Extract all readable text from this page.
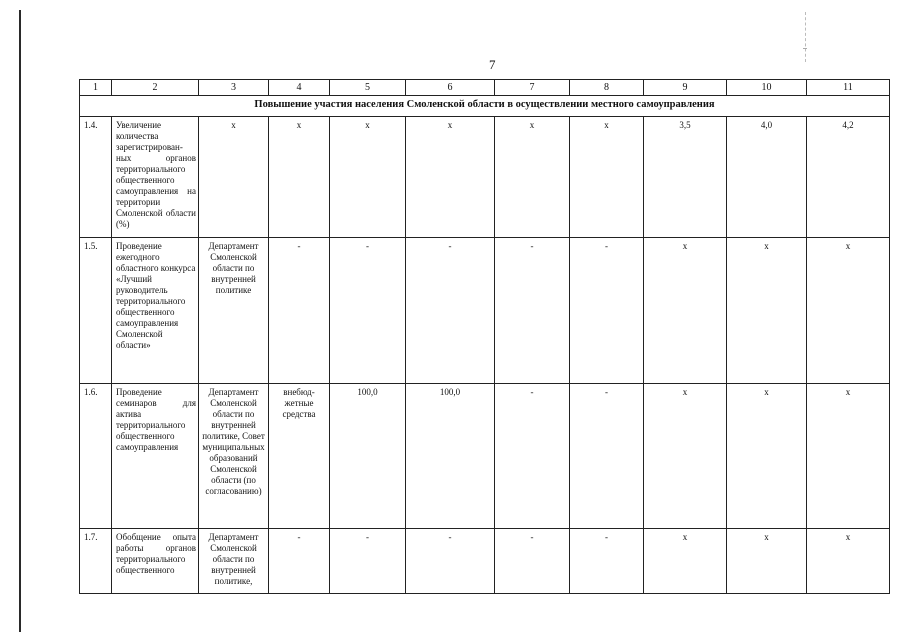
7
1	2	3	4	5	6	7	8	9	10	11
Повышение участия населения Смоленской области в осуществлении местного самоуправления										
1.4.	Увеличение количества зарегистрирован-ных органов территориального общественного самоуправления на территории Смоленской области (%)	х	х	х	х	х	х	3,5	4,0	4,2
1.5.	Проведение ежегодного областного конкурса «Лучший руководитель территориального общественного самоуправления Смоленской области»	Департамент Смоленской области по внутренней политике	-	-	-	-	-	х	х	х
1.6.	Проведение семинаров для актива территориального общественного самоуправления	Департамент Смоленской области по внутренней политике, Совет муниципальных образований Смоленской области (по согласованию)	внебюд-жетные средства	100,0	100,0	-	-	х	х	х
1.7.	Обобщение опыта работы органов территориального общественного	Департамент Смоленской области по внутренней политике,	-	-	-	-	-	х	х	х
